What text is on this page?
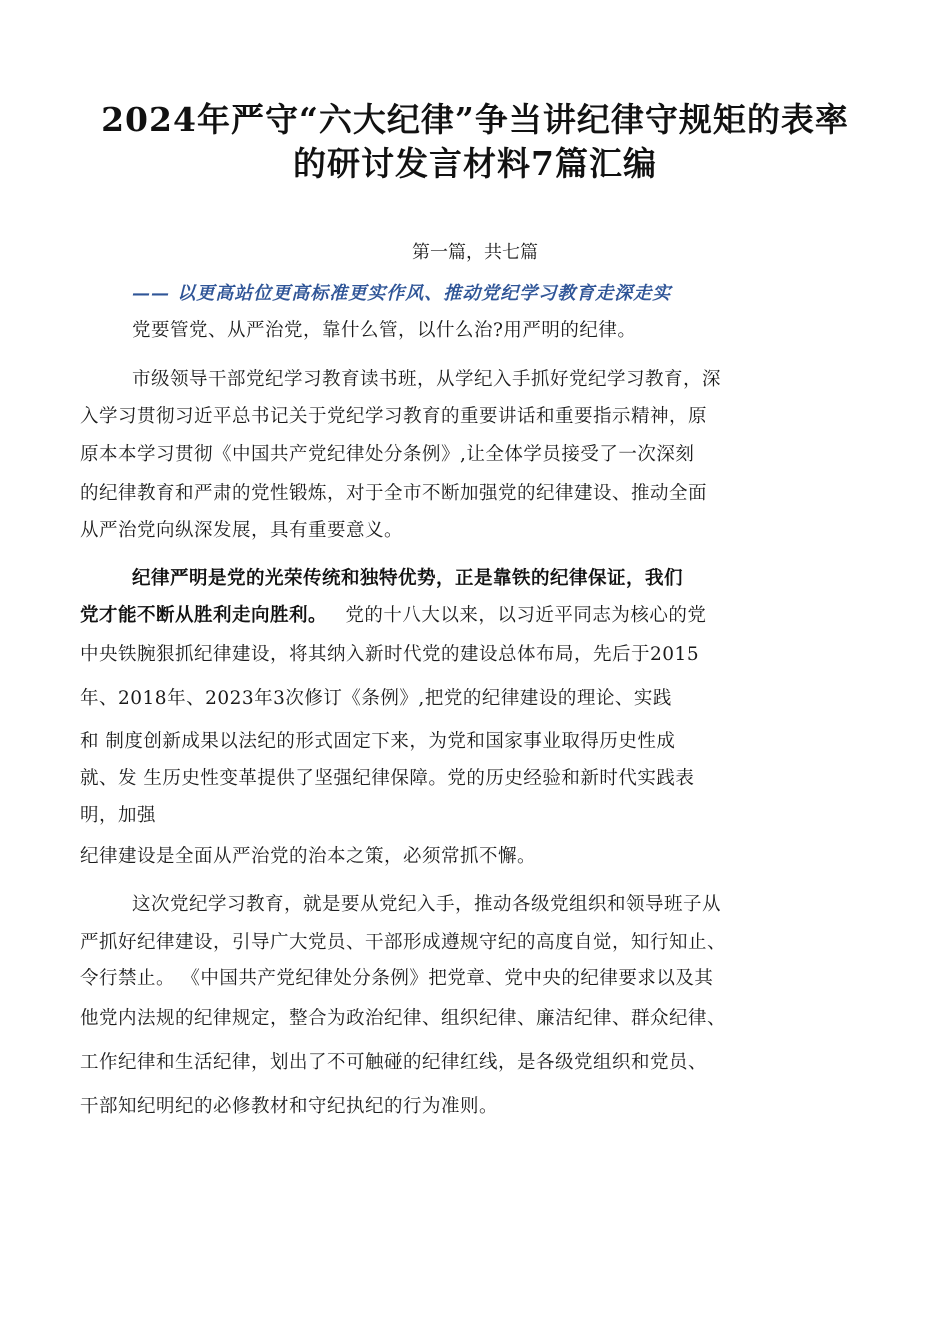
2024年严守“六大纪律”争当讲纪律守规矩的表率
的研讨发言材料7篇汇编
第一篇，共七篇
—— 以更高站位更高标准更实作风、推动党纪学习教育走深走实
党要管党、从严治党，靠什么管，以什么治?用严明的纪律。
市级领导干部党纪学习教育读书班，从学纪入手抓好党纪学习教育，深
入学习贯彻习近平总书记关于党纪学习教育的重要讲话和重要指示精神，原
原本本学习贯彻《中国共产党纪律处分条例》,让全体学员接受了一次深刻
的纪律教育和严肃的党性锻炼，对于全市不断加强党的纪律建设、推动全面
从严治党向纵深发展，具有重要意义。
纪律严明是党的光荣传统和独特优势，正是靠铁的纪律保证，我们
党才能不断从胜利走向胜利。 党的十八大以来，以习近平同志为核心的党
中央铁腕狠抓纪律建设，将其纳入新时代党的建设总体布局，先后于2015
年、2018年、2023年3次修订《条例》,把党的纪律建设的理论、实践
和 制度创新成果以法纪的形式固定下来，为党和国家事业取得历史性成
就、发 生历史性变革提供了坚强纪律保障。党的历史经验和新时代实践表
明，加强
纪律建设是全面从严治党的治本之策，必须常抓不懈。
这次党纪学习教育，就是要从党纪入手，推动各级党组织和领导班子从
严抓好纪律建设，引导广大党员、干部形成遵规守纪的高度自觉，知行知止、
令行禁止。 《中国共产党纪律处分条例》把党章、党中央的纪律要求以及其
他党内法规的纪律规定，整合为政治纪律、组织纪律、廉洁纪律、群众纪律、
工作纪律和生活纪律，划出了不可触碰的纪律红线，是各级党组织和党员、
干部知纪明纪的必修教材和守纪执纪的行为准则。
